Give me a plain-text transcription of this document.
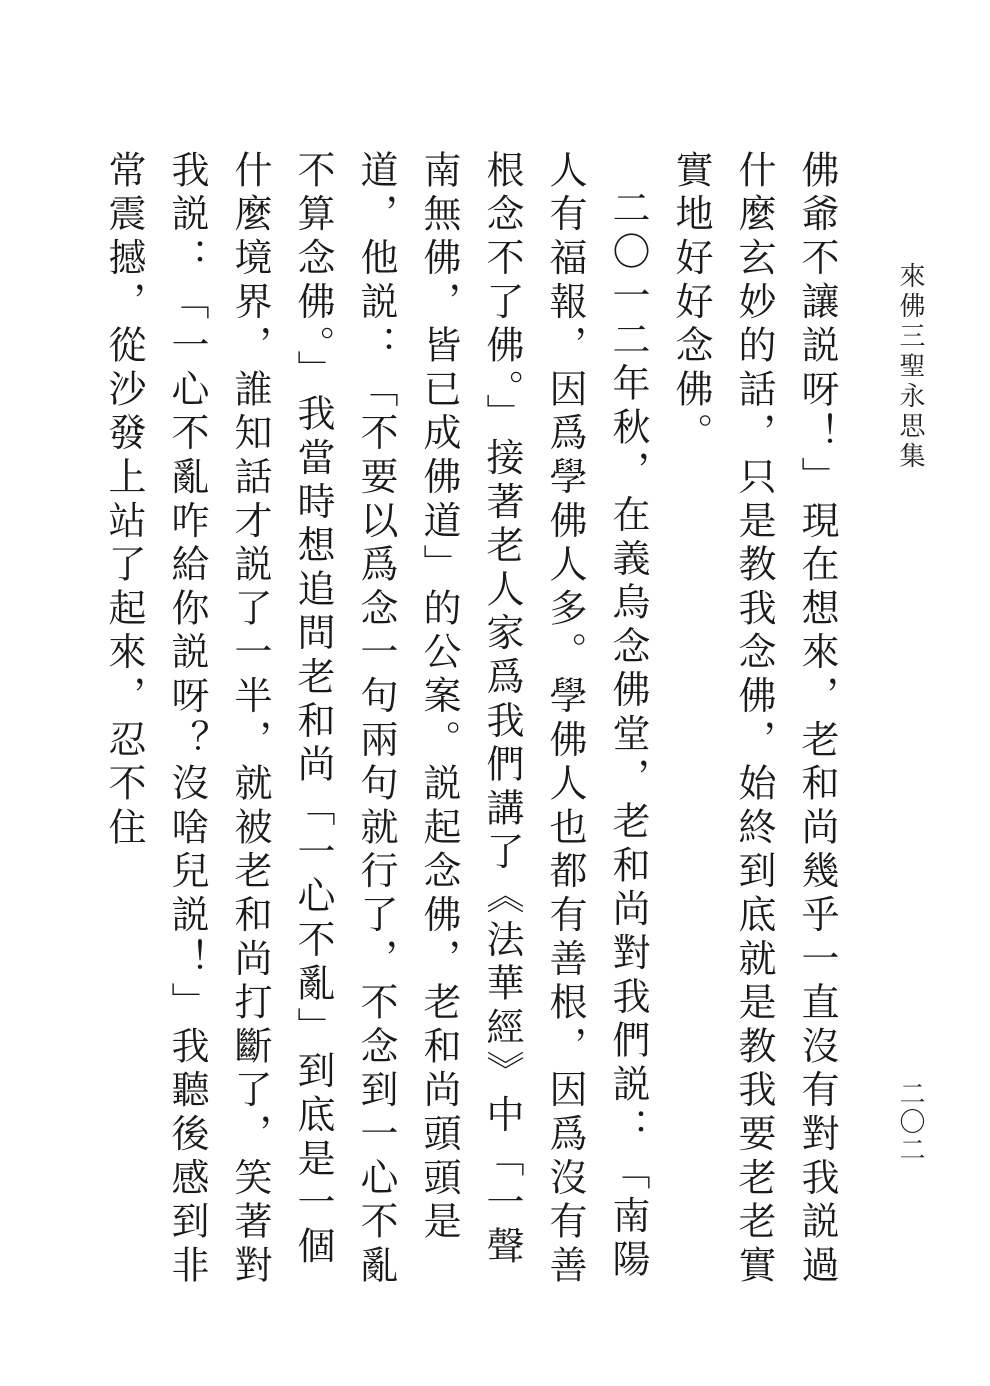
來佛三聖永思集
二〇二

佛爺不讓説呀！」現在想來，老和尚幾乎一直沒有對我説過什麼玄妙的話，只是教我念佛，始終到底就是教我要老老實實地好好念佛。

二〇一二年秋，在義烏念佛堂，老和尚對我們説：「南陽人有福報，因爲學佛人多。學佛人也都有善根，因爲沒有善根念不了佛。」接著老人家爲我們講了《法華經》中「一聲南無佛，皆已成佛道」的公案。説起念佛，老和尚頭頭是道，他説：「不要以爲念一句兩句就行了，不念到一心不亂不算念佛。」我當時想追問老和尚「一心不亂」到底是一個什麼境界，誰知話才説了一半，就被老和尚打斷了，笑著對我説：「一心不亂咋給你説呀？沒啥兒説！」我聽後感到非常震撼，從沙發上站了起來，忍不住
